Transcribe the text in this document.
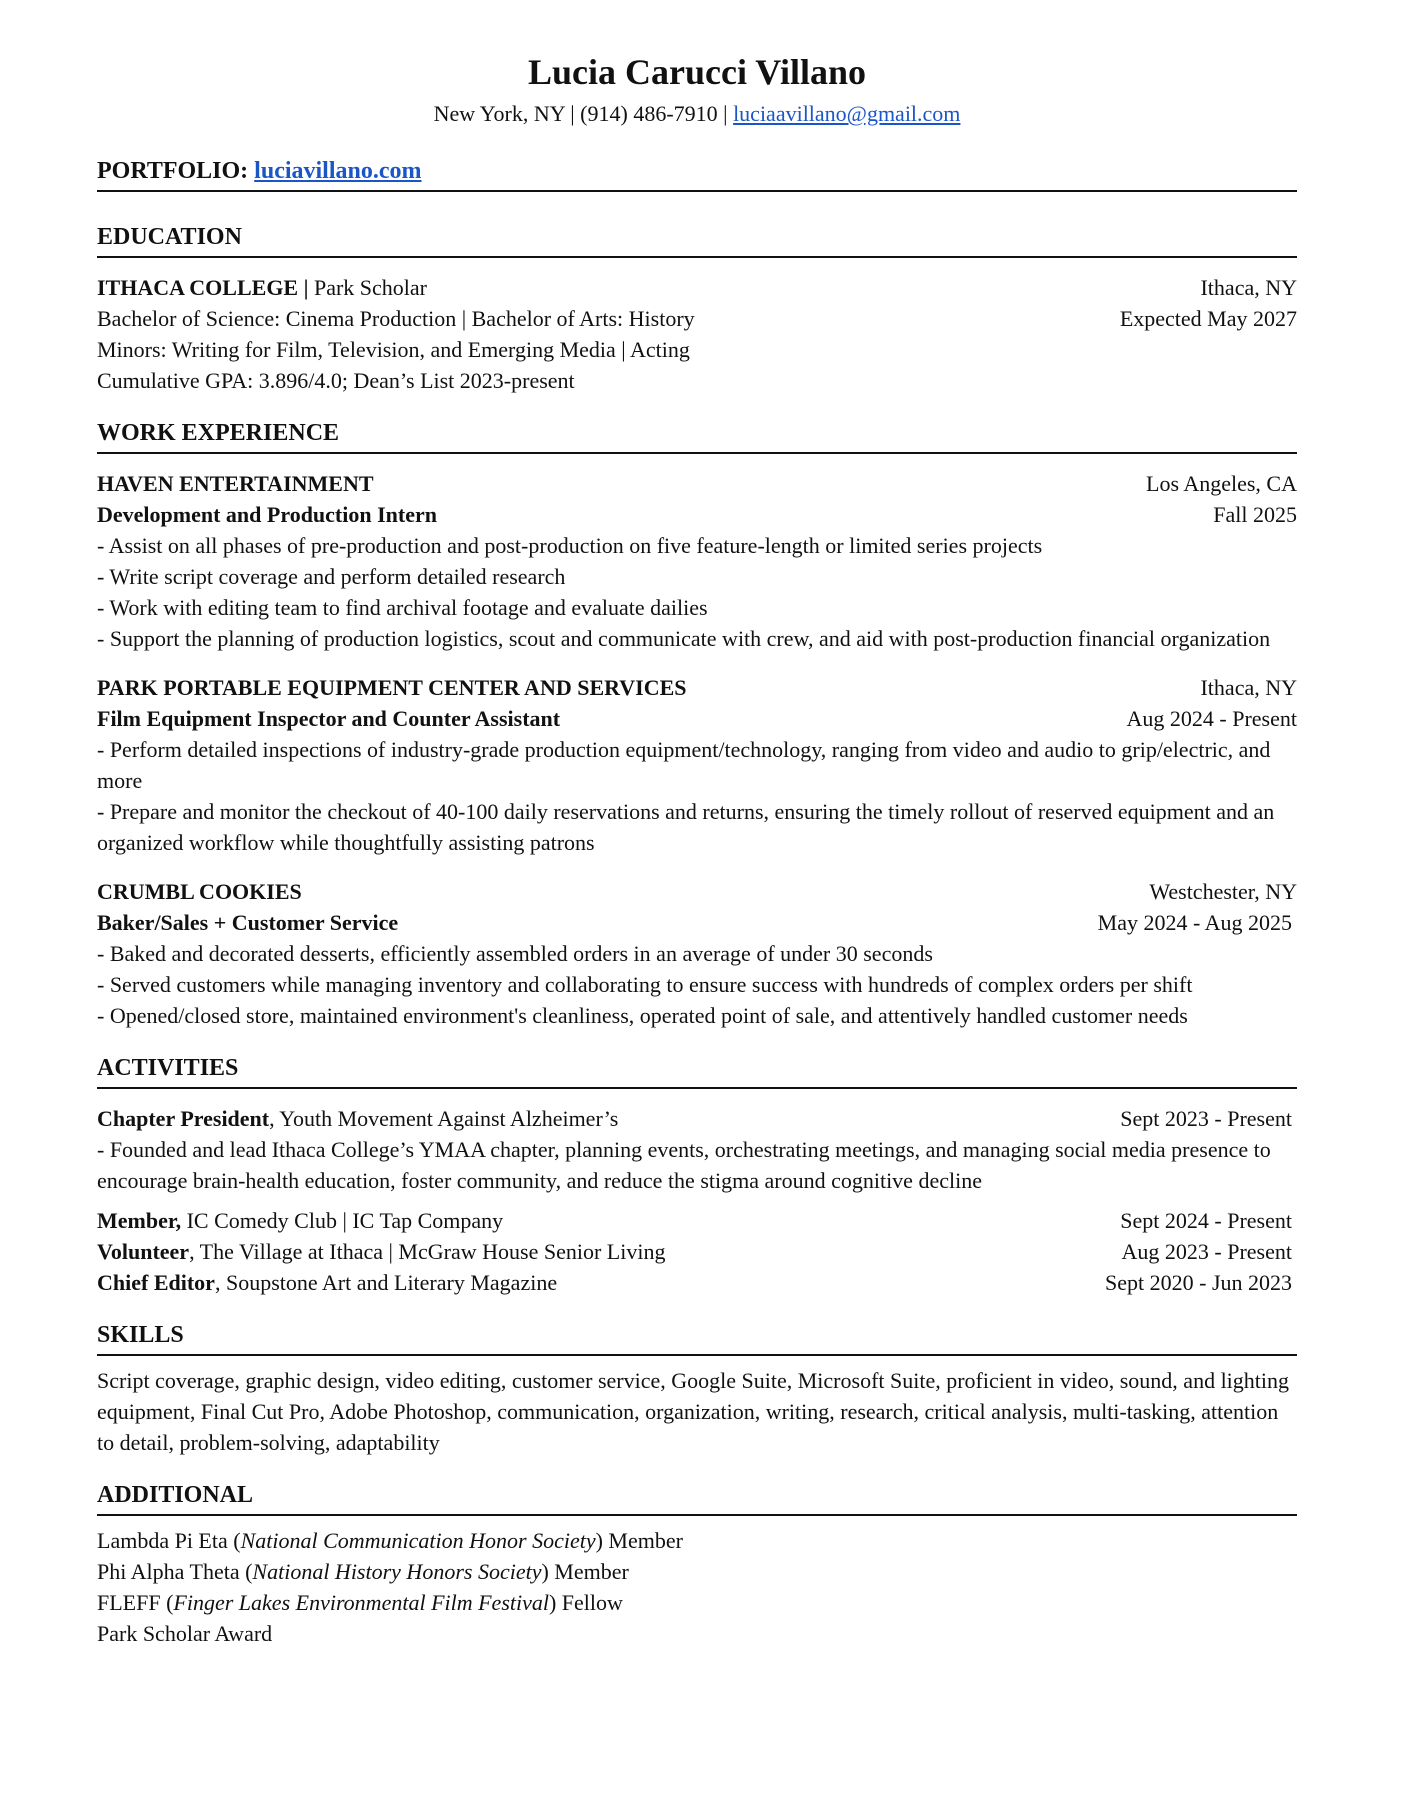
Lucia Carucci Villano
New York, NY | (914) 486-7910 | luciaavillano@gmail.com
PORTFOLIO: luciavillano.com
EDUCATION
ITHACA COLLEGE | Park Scholar	Ithaca, NY
Bachelor of Science: Cinema Production | Bachelor of Arts: History	Expected May 2027
Minors: Writing for Film, Television, and Emerging Media | Acting
Cumulative GPA: 3.896/4.0; Dean’s List 2023-present
WORK EXPERIENCE
HAVEN ENTERTAINMENT	Los Angeles, CA
Development and Production Intern	Fall 2025
- Assist on all phases of pre-production and post-production on five feature-length or limited series projects
- Write script coverage and perform detailed research
- Work with editing team to find archival footage and evaluate dailies
- Support the planning of production logistics, scout and communicate with crew, and aid with post-production financial organization
PARK PORTABLE EQUIPMENT CENTER AND SERVICES	Ithaca, NY
Film Equipment Inspector and Counter Assistant	Aug 2024 - Present
- Perform detailed inspections of industry-grade production equipment/technology, ranging from video and audio to grip/electric, and more
- Prepare and monitor the checkout of 40-100 daily reservations and returns, ensuring the timely rollout of reserved equipment and an organized workflow while thoughtfully assisting patrons
CRUMBL COOKIES	Westchester, NY
Baker/Sales + Customer Service	May 2024 - Aug 2025
- Baked and decorated desserts, efficiently assembled orders in an average of under 30 seconds
- Served customers while managing inventory and collaborating to ensure success with hundreds of complex orders per shift
- Opened/closed store, maintained environment's cleanliness, operated point of sale, and attentively handled customer needs
ACTIVITIES
Chapter President, Youth Movement Against Alzheimer’s	Sept 2023 - Present
- Founded and lead Ithaca College’s YMAA chapter, planning events, orchestrating meetings, and managing social media presence to encourage brain-health education, foster community, and reduce the stigma around cognitive decline
Member, IC Comedy Club | IC Tap Company	Sept 2024 - Present
Volunteer, The Village at Ithaca | McGraw House Senior Living	Aug 2023 - Present
Chief Editor, Soupstone Art and Literary Magazine	Sept 2020 - Jun 2023
SKILLS
Script coverage, graphic design, video editing, customer service, Google Suite, Microsoft Suite, proficient in video, sound, and lighting equipment, Final Cut Pro, Adobe Photoshop, communication, organization, writing, research, critical analysis, multi-tasking, attention to detail, problem-solving, adaptability
ADDITIONAL
Lambda Pi Eta (National Communication Honor Society) Member
Phi Alpha Theta (National History Honors Society) Member
FLEFF (Finger Lakes Environmental Film Festival) Fellow
Park Scholar Award
